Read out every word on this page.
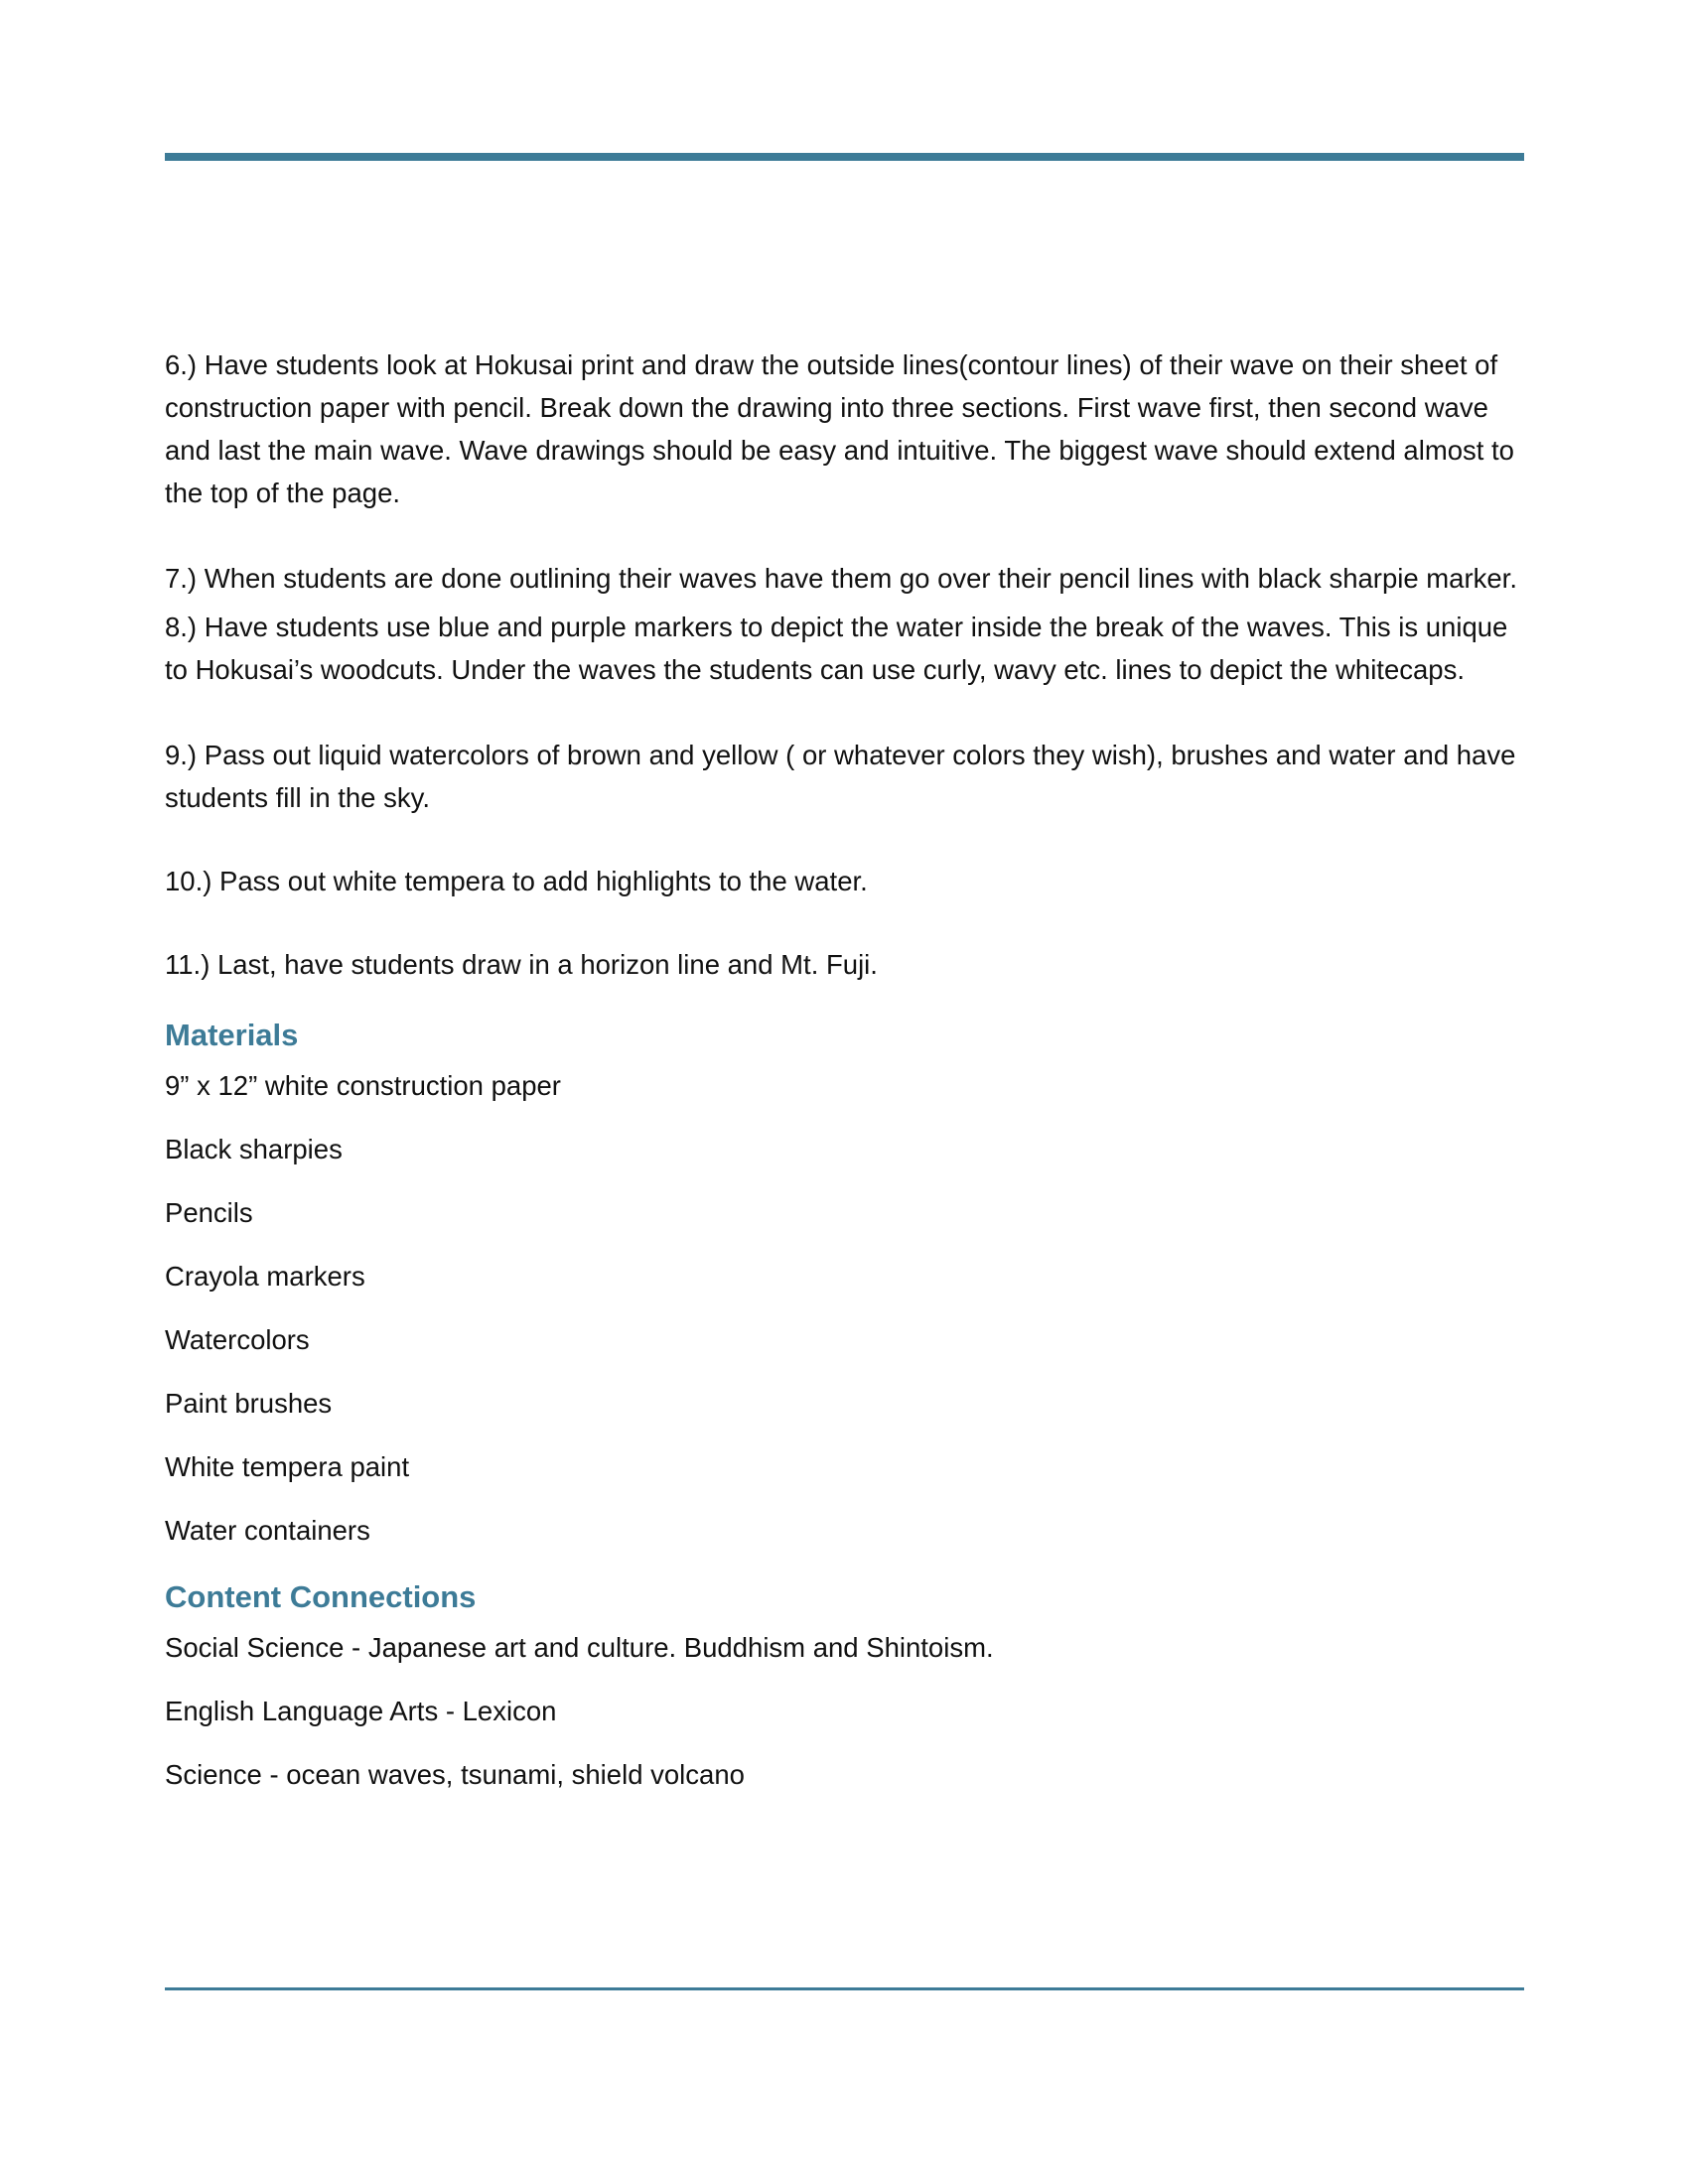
6.) Have students look at Hokusai print and draw the outside lines(contour lines) of their wave on their sheet of construction paper with pencil. Break down the drawing into three sections. First wave first, then second wave and last the main wave. Wave drawings should be easy and intuitive. The biggest wave should extend almost to the top of the page.

7.) When students are done outlining their waves have them go over their pencil lines with black sharpie marker.

8.) Have students use blue and purple markers to depict the water inside the break of the waves. This is unique to Hokusai’s woodcuts. Under the waves the students can use curly, wavy etc. lines to depict the whitecaps.

9.) Pass out liquid watercolors of brown and yellow ( or whatever colors they wish), brushes and water and have students fill in the sky.

10.) Pass out white tempera to add highlights to the water.

11.) Last, have students draw in a horizon line and Mt. Fuji.

Materials
9” x 12” white construction paper
Black sharpies
Pencils
Crayola markers
Watercolors
Paint brushes
White tempera paint
Water containers
Content Connections
Social Science - Japanese art and culture. Buddhism and Shintoism.
English Language Arts - Lexicon
Science - ocean waves, tsunami, shield volcano
